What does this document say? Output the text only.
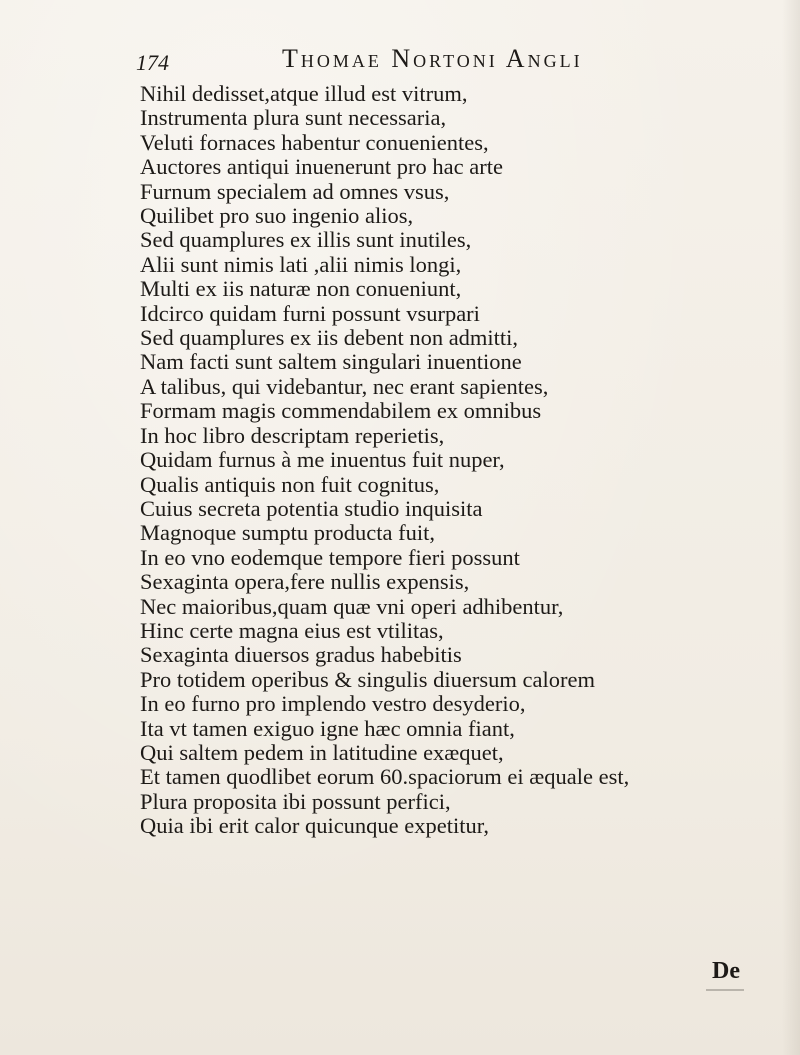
174	Thomae Nortoni Angli
Nihil dedisset,atque illud est vitrum,
Instrumenta plura sunt necessaria,
Veluti fornaces habentur conuenientes,
Auctores antiqui inuenerunt pro hac arte
Furnum specialem ad omnes vsus,
Quilibet pro suo ingenio alios,
Sed quamplures ex illis sunt inutiles,
Alii sunt nimis lati ,alii nimis longi,
Multi ex iis naturæ non conueniunt,
Idcirco quidam furni possunt vsurpari
Sed quamplures ex iis debent non admitti,
Nam facti sunt saltem singulari inuentione
A talibus, qui videbantur, nec erant sapientes,
Formam magis commendabilem ex omnibus
In hoc libro descriptam reperietis,
Quidam furnus à me inuentus fuit nuper,
Qualis antiquis non fuit cognitus,
Cuius secreta potentia studio inquisita
Magnoque sumptu producta fuit,
In eo vno eodemque tempore fieri possunt
Sexaginta opera,fere nullis expensis,
Nec maioribus,quam quæ vni operi adhibentur,
Hinc certe magna eius est vtilitas,
Sexaginta diuersos gradus habebitis
Pro totidem operibus & singulis diuersum calorem
In eo furno pro implendo vestro desyderio,
Ita vt tamen exiguo igne hæc omnia fiant,
Qui saltem pedem in latitudine exæquet,
Et tamen quodlibet eorum 60.spaciorum ei æquale est,
Plura proposita ibi possunt perfici,
Quia ibi erit calor quicunque expetitur,
De
